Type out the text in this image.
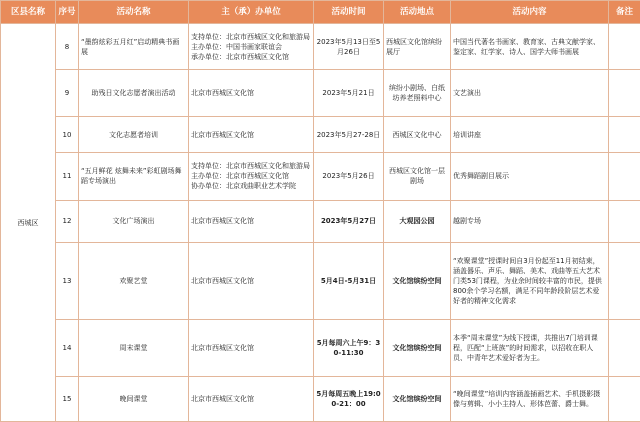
区县名称	序号	活动名称	主（承）办单位	活动时间	活动地点	活动内容	备注
西城区	8	“墨韵炫彩五月红”启动精典书画展	支持单位：北京市西城区文化和旅游局
主办单位：中国书画家联谊会
承办单位：北京市西城区文化馆	2023年5月13日至5月26日	西城区文化馆缤纷展厅	中国当代著名书画家、教育家、古典文献学家、鉴定家、红学家、诗人、国学大师书画展	
	9	助残日文化志愿者演出活动	北京市西城区文化馆	2023年5月21日	缤纷小剧场、白纸坊养老照料中心	文艺演出	
	10	文化志愿者培训	北京市西城区文化馆	2023年5月27-28日	西城区文化中心	培训讲座	
	11	“五月鲜花 炫舞未来”彩虹剧场舞蹈专场演出	支持单位：北京市西城区文化和旅游局
主办单位：北京市西城区文化馆
协办单位：北京戏曲职业艺术学院	2023年5月26日	西城区文化馆一层剧场	优秀舞蹈剧目展示	
	12	文化广场演出	北京市西城区文化馆	2023年5月27日	大观园公园	越剧专场	
	13	欢聚艺堂	北京市西城区文化馆	5月4日-5月31日	文化馆缤纷空间	“欢聚课堂”授课时间自3月份起至11月初结束，涵盖器乐、声乐、舞蹈、美术、戏曲等五大艺术门类53门课程，为业余时间较丰富的市民，提供800余个学习名额，满足不同年龄段阶层艺术爱好者的精神文化需求	
	14	周末课堂	北京市西城区文化馆	5月每周六上午9：30-11:30	文化馆缤纷空间	本季“周末课堂”为线下授课，共推出7门培训课程，匹配“上班族”的时间需求，以招收在职人员、中青年艺术爱好者为主。	
	15	晚间课堂	北京市西城区文化馆	5月每周五晚上19:00-21：00	文化馆缤纷空间	“晚间课堂”培训内容涵盖插画艺术、手机摄影摄像与剪辑、小小主持人、形体芭蕾、爵士舞。	
